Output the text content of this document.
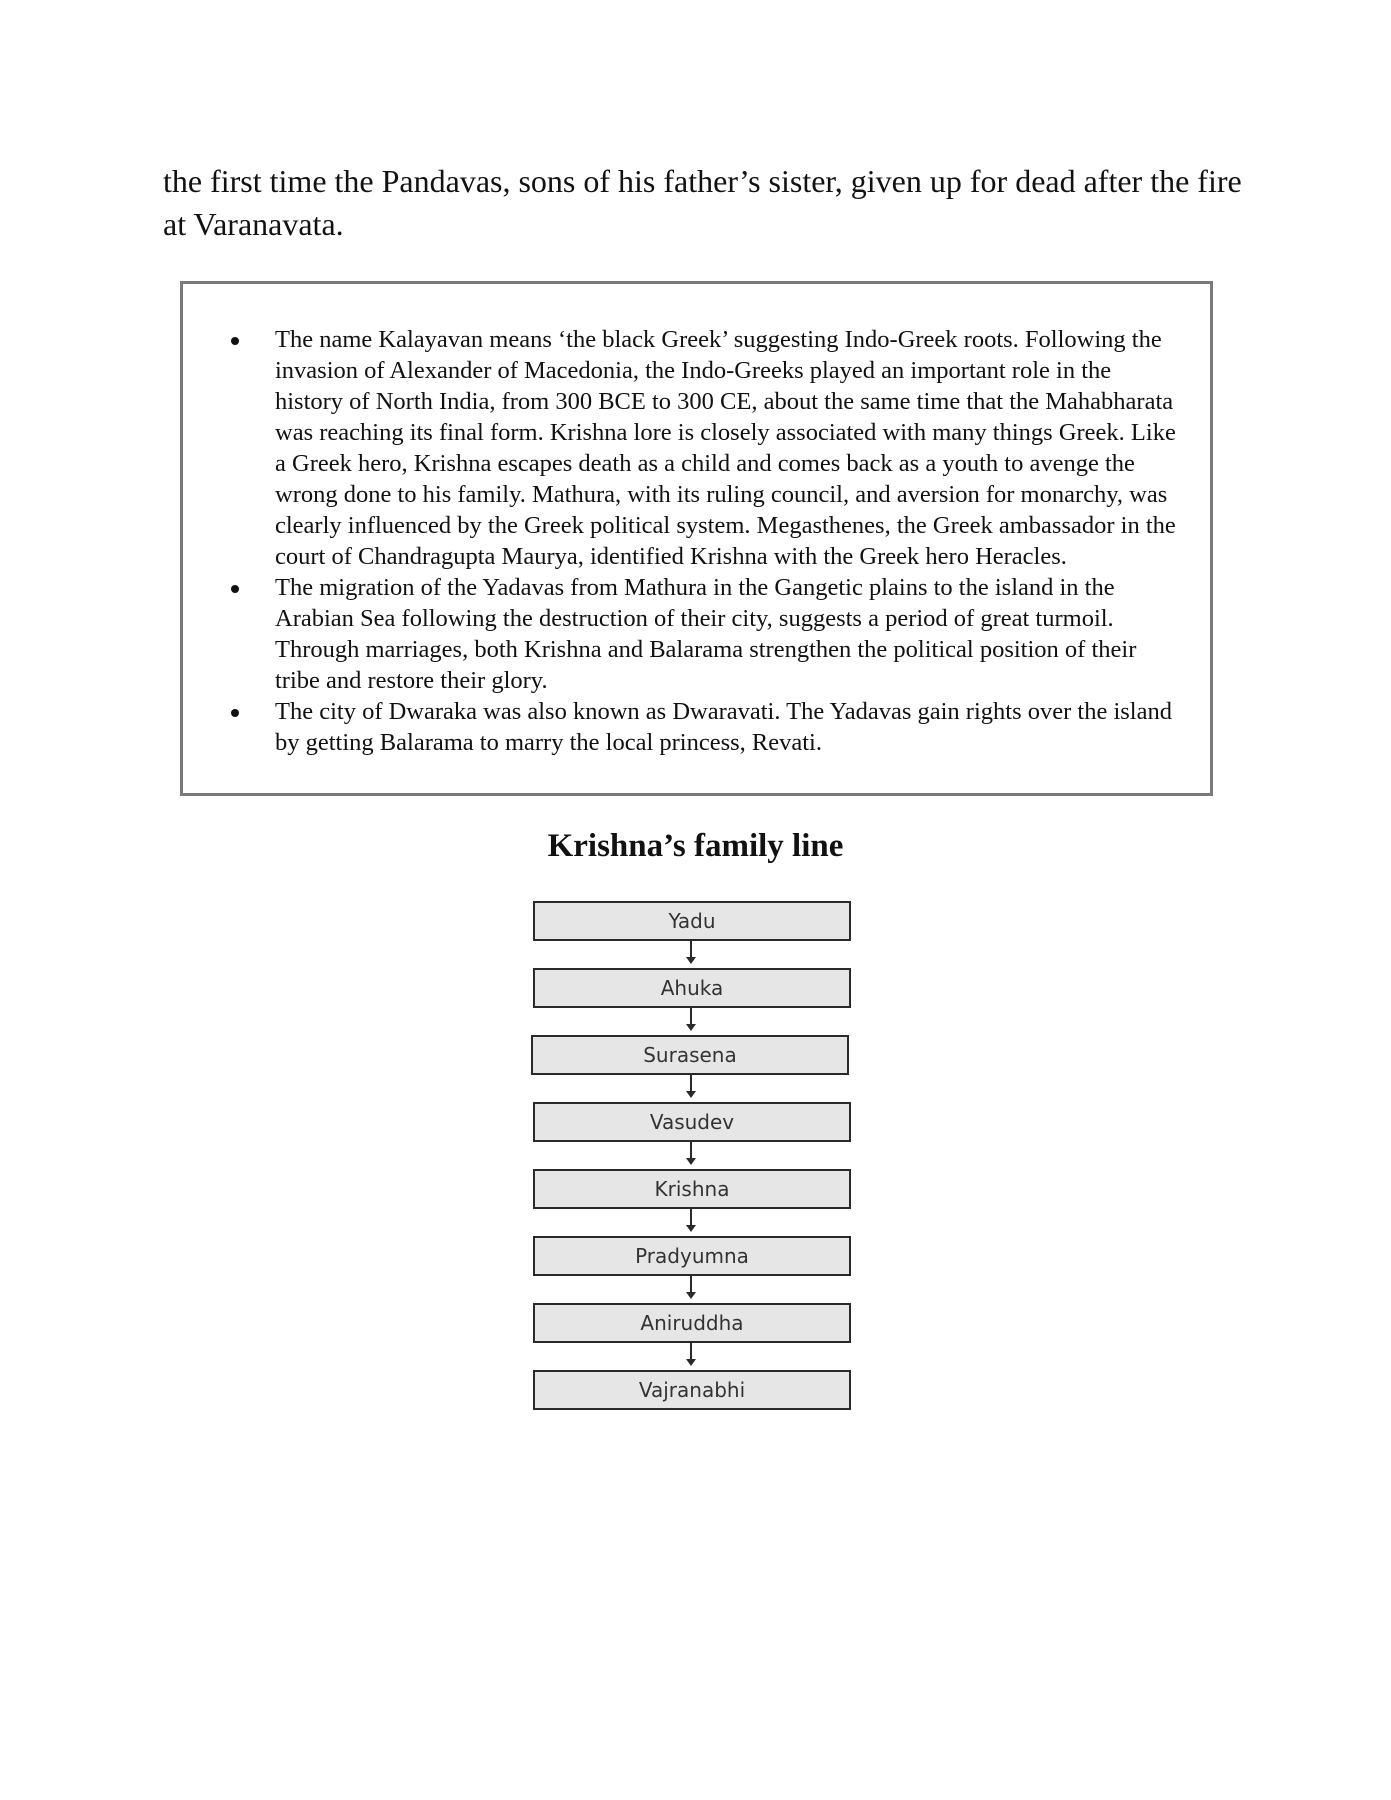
the first time the Pandavas, sons of his father’s sister, given up for dead after the fire at Varanavata.

The name Kalayavan means ‘the black Greek’ suggesting Indo-Greek roots. Following the invasion of Alexander of Macedonia, the Indo-Greeks played an important role in the history of North India, from 300 BCE to 300 CE, about the same time that the Mahabharata was reaching its final form. Krishna lore is closely associated with many things Greek. Like a Greek hero, Krishna escapes death as a child and comes back as a youth to avenge the wrong done to his family. Mathura, with its ruling council, and aversion for monarchy, was clearly influenced by the Greek political system. Megasthenes, the Greek ambassador in the court of Chandragupta Maurya, identified Krishna with the Greek hero Heracles.
The migration of the Yadavas from Mathura in the Gangetic plains to the island in the Arabian Sea following the destruction of their city, suggests a period of great turmoil. Through marriages, both Krishna and Balarama strengthen the political position of their tribe and restore their glory.
The city of Dwaraka was also known as Dwaravati. The Yadavas gain rights over the island by getting Balarama to marry the local princess, Revati.
Krishna’s family line
Yadu
Ahuka
Surasena
Vasudev
Krishna
Pradyumna
Aniruddha
Vajranabhi
